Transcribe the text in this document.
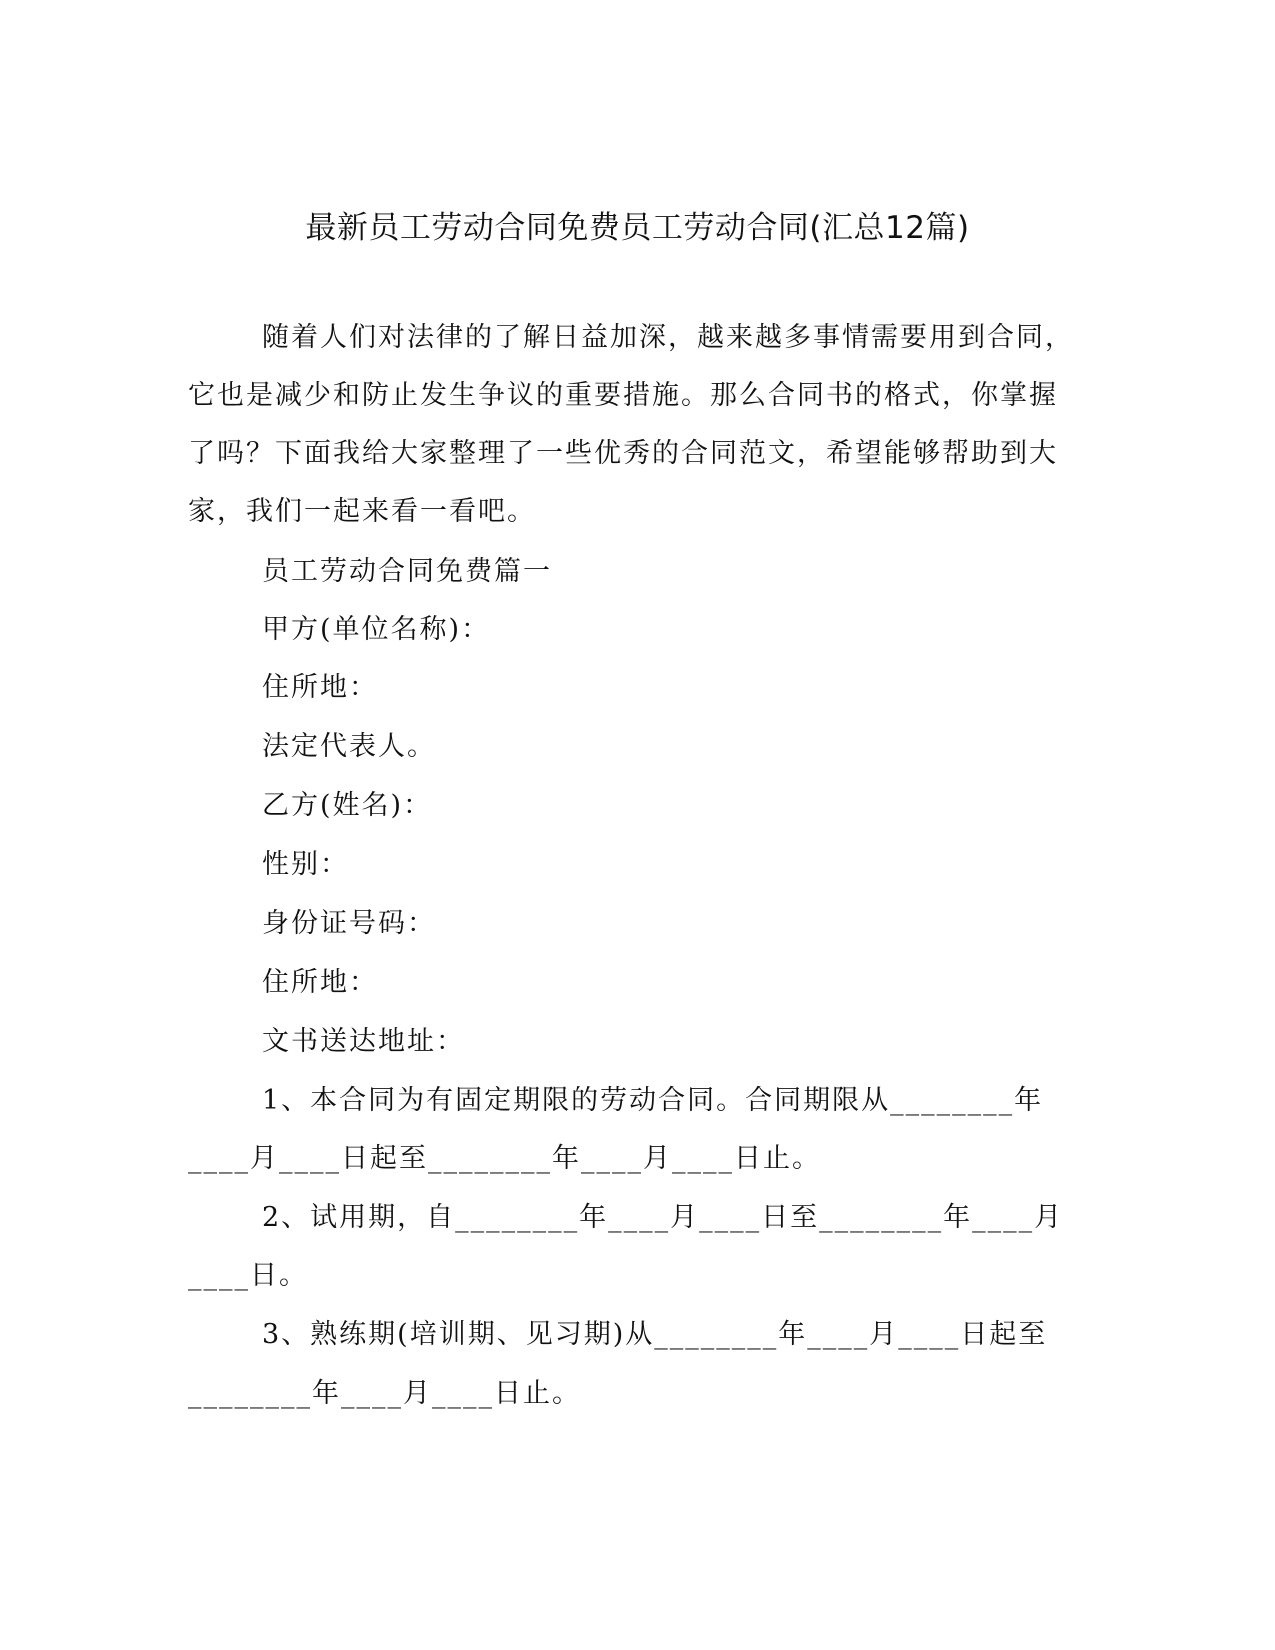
最新员工劳动合同免费员工劳动合同(汇总12篇)
随着人们对法律的了解日益加深，越来越多事情需要用到合同，
它也是减少和防止发生争议的重要措施。那么合同书的格式，你掌握
了吗？下面我给大家整理了一些优秀的合同范文，希望能够帮助到大
家，我们一起来看一看吧。
员工劳动合同免费篇一
甲方(单位名称)：
住所地：
法定代表人。
乙方(姓名)：
性别：
身份证号码：
住所地：
文书送达地址：
1、本合同为有固定期限的劳动合同。合同期限从________年
____月____日起至________年____月____日止。
2、试用期，自________年____月____日至________年____月
____日。
3、熟练期(培训期、见习期)从________年____月____日起至
________年____月____日止。
